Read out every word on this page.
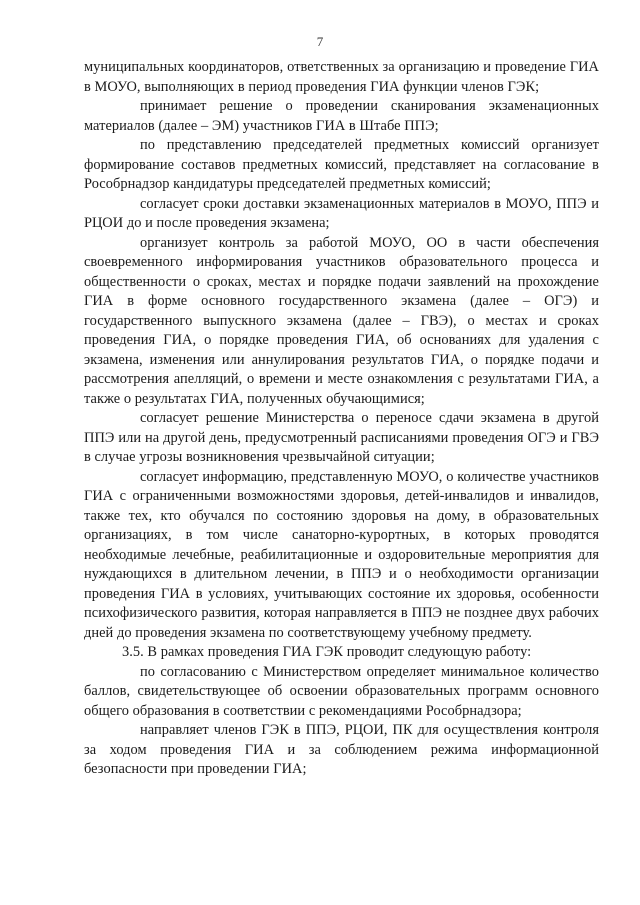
7

муниципальных координаторов, ответственных за организацию и проведение ГИА в МОУО, выполняющих в период проведения ГИА функции членов ГЭК;

принимает решение о проведении сканирования экзаменационных материалов (далее – ЭМ) участников ГИА в Штабе ППЭ;

по представлению председателей предметных комиссий организует формирование составов предметных комиссий, представляет на согласование в Рособрнадзор кандидатуры председателей предметных комиссий;

согласует сроки доставки экзаменационных материалов в МОУО, ППЭ и РЦОИ до и после проведения экзамена;

организует контроль за работой МОУО, ОО в части обеспечения своевременного информирования участников образовательного процесса и общественности о сроках, местах и порядке подачи заявлений на прохождение ГИА в форме основного государственного экзамена (далее – ОГЭ) и государственного выпускного экзамена (далее – ГВЭ), о местах и сроках проведения ГИА, о порядке проведения ГИА, об основаниях для удаления с экзамена, изменения или аннулирования результатов ГИА, о порядке подачи и рассмотрения апелляций, о времени и месте ознакомления с результатами ГИА, а также о результатах ГИА, полученных обучающимися;

согласует решение Министерства о переносе сдачи экзамена в другой ППЭ или на другой день, предусмотренный расписаниями проведения ОГЭ и ГВЭ в случае угрозы возникновения чрезвычайной ситуации;

согласует информацию, представленную МОУО, о количестве участников ГИА с ограниченными возможностями здоровья, детей-инвалидов и инвалидов, также тех, кто обучался по состоянию здоровья на дому, в образовательных организациях, в том числе санаторно-курортных, в которых проводятся необходимые лечебные, реабилитационные и оздоровительные мероприятия для нуждающихся в длительном лечении, в ППЭ и о необходимости организации проведения ГИА в условиях, учитывающих состояние их здоровья, особенности психофизического развития, которая направляется в ППЭ не позднее двух рабочих дней до проведения экзамена по соответствующему учебному предмету.

3.5. В рамках проведения ГИА ГЭК проводит следующую работу:

по согласованию с Министерством определяет минимальное количество баллов, свидетельствующее об освоении образовательных программ основного общего образования в соответствии с рекомендациями Рособрнадзора;

направляет членов ГЭК в ППЭ, РЦОИ, ПК для осуществления контроля за ходом проведения ГИА и за соблюдением режима информационной безопасности при проведении ГИА;
